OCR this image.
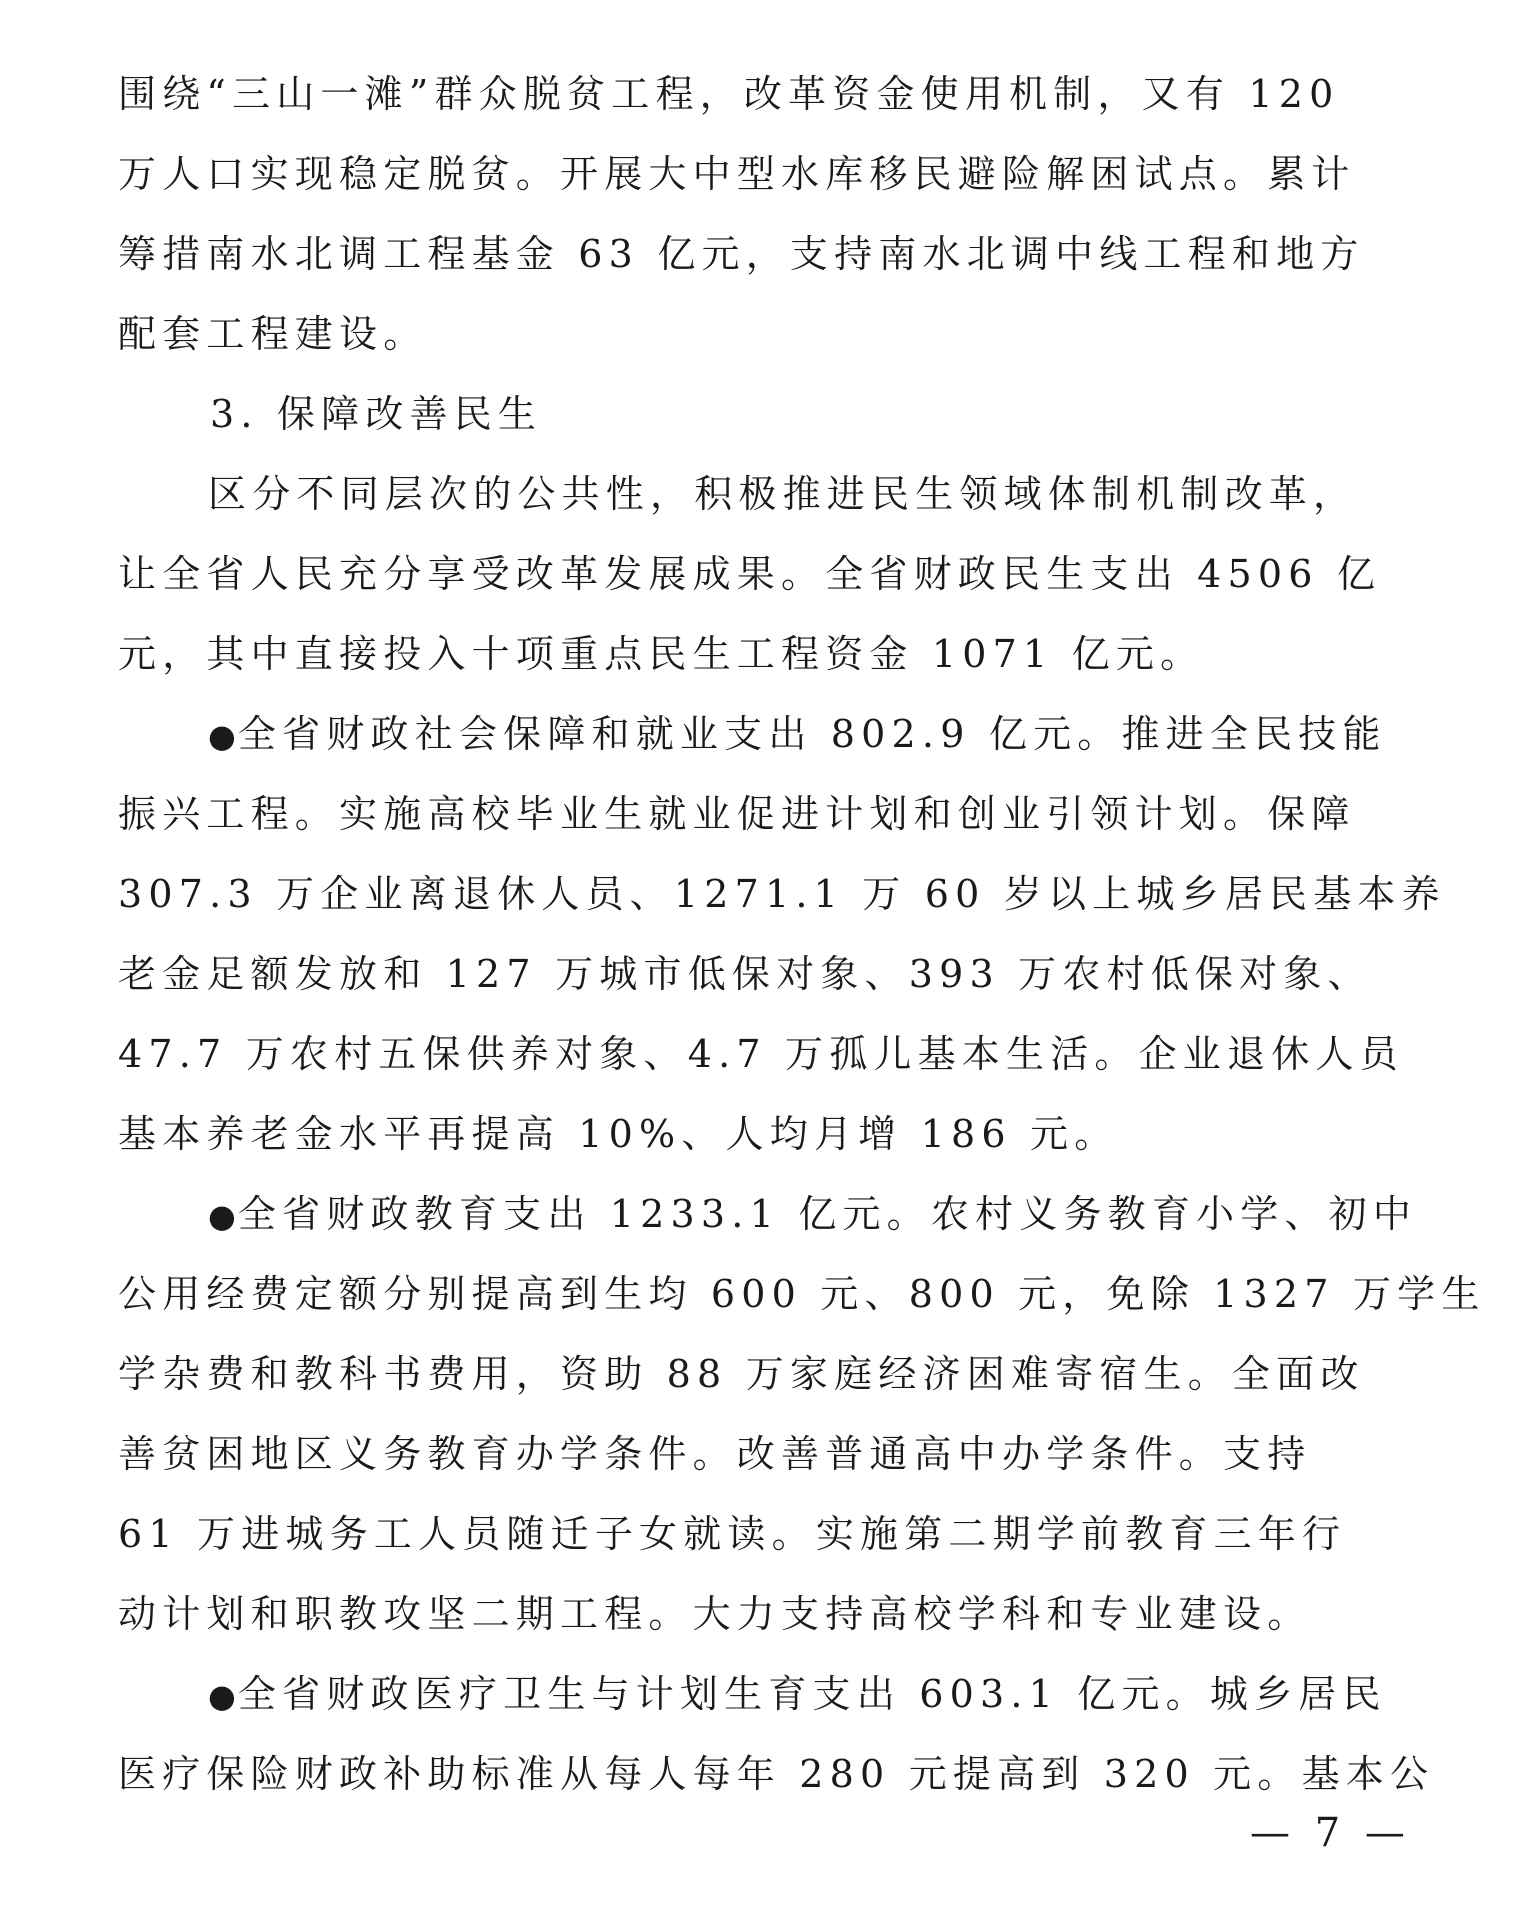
围绕“三山一滩”群众脱贫工程，改革资金使用机制，又有 120
万人口实现稳定脱贫。开展大中型水库移民避险解困试点。累计
筹措南水北调工程基金 63 亿元，支持南水北调中线工程和地方
配套工程建设。
3. 保障改善民生
区分不同层次的公共性，积极推进民生领域体制机制改革，
让全省人民充分享受改革发展成果。全省财政民生支出 4506 亿
元，其中直接投入十项重点民生工程资金 1071 亿元。
●全省财政社会保障和就业支出 802.9 亿元。推进全民技能
振兴工程。实施高校毕业生就业促进计划和创业引领计划。保障
307.3 万企业离退休人员、1271.1 万 60 岁以上城乡居民基本养
老金足额发放和 127 万城市低保对象、393 万农村低保对象、
47.7 万农村五保供养对象、4.7 万孤儿基本生活。企业退休人员
基本养老金水平再提高 10%、人均月增 186 元。
●全省财政教育支出 1233.1 亿元。农村义务教育小学、初中
公用经费定额分别提高到生均 600 元、800 元，免除 1327 万学生
学杂费和教科书费用，资助 88 万家庭经济困难寄宿生。全面改
善贫困地区义务教育办学条件。改善普通高中办学条件。支持
61 万进城务工人员随迁子女就读。实施第二期学前教育三年行
动计划和职教攻坚二期工程。大力支持高校学科和专业建设。
●全省财政医疗卫生与计划生育支出 603.1 亿元。城乡居民
医疗保险财政补助标准从每人每年 280 元提高到 320 元。基本公
— 7 —
